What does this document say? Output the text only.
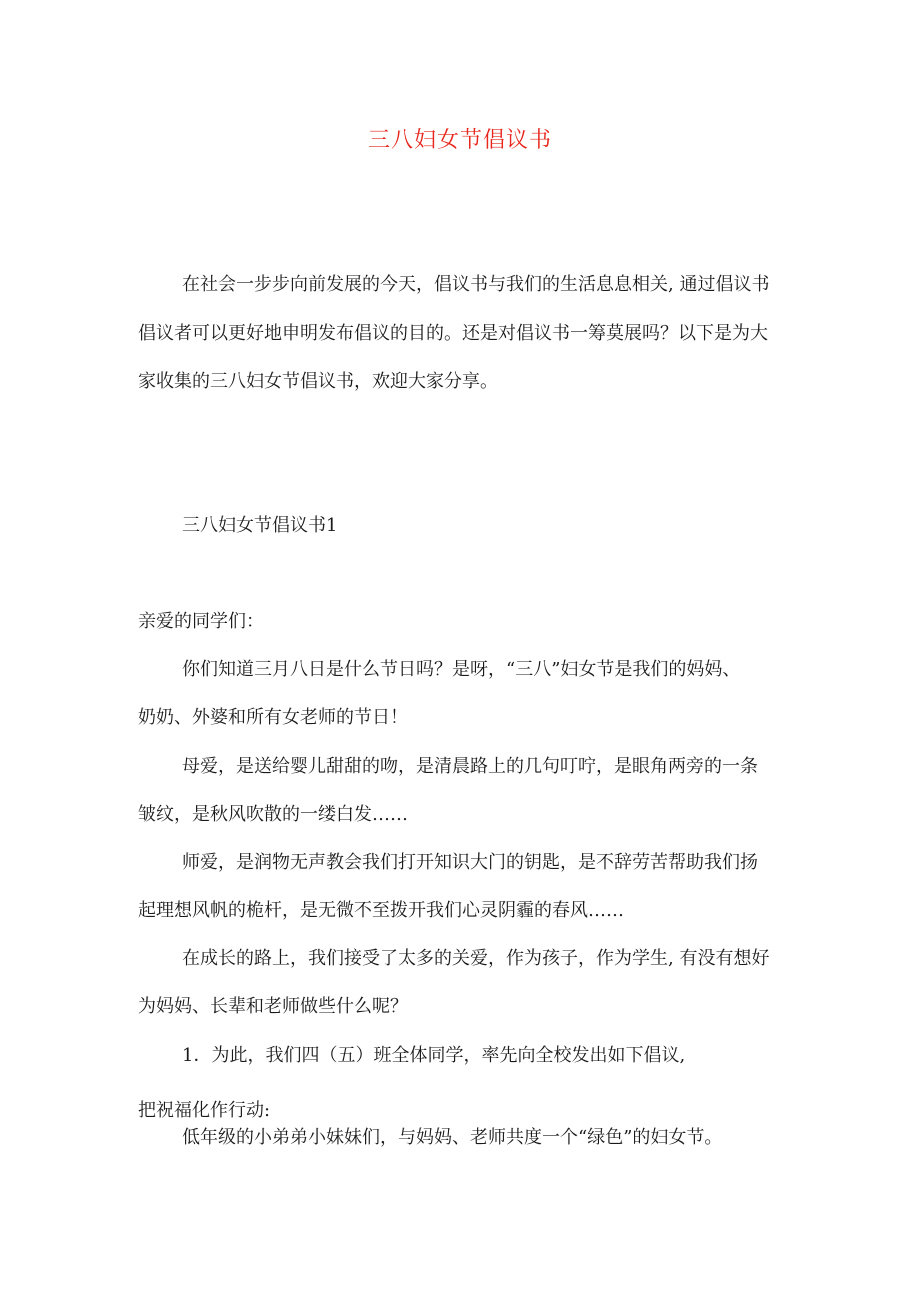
三八妇女节倡议书
在社会一步步向前发展的今天，倡议书与我们的生活息息相关, 通过倡议书
倡议者可以更好地申明发布倡议的目的。还是对倡议书一筹莫展吗？以下是为大
家收集的三八妇女节倡议书，欢迎大家分享。
三八妇女节倡议书1
亲爱的同学们：
你们知道三月八日是什么节日吗？是呀，“三八”妇女节是我们的妈妈、
奶奶、外婆和所有女老师的节日！
母爱，是送给婴儿甜甜的吻，是清晨路上的几句叮咛，是眼角两旁的一条
皱纹，是秋风吹散的一缕白发……
师爱，是润物无声教会我们打开知识大门的钥匙，是不辞劳苦帮助我们扬
起理想风帆的桅杆，是无微不至拨开我们心灵阴霾的春风……
在成长的路上，我们接受了太多的关爱，作为孩子，作为学生, 有没有想好
为妈妈、长辈和老师做些什么呢？
1．为此，我们四（五）班全体同学，率先向全校发出如下倡议,
把祝福化作行动:
低年级的小弟弟小妹妹们，与妈妈、老师共度一个“绿色”的妇女节。
